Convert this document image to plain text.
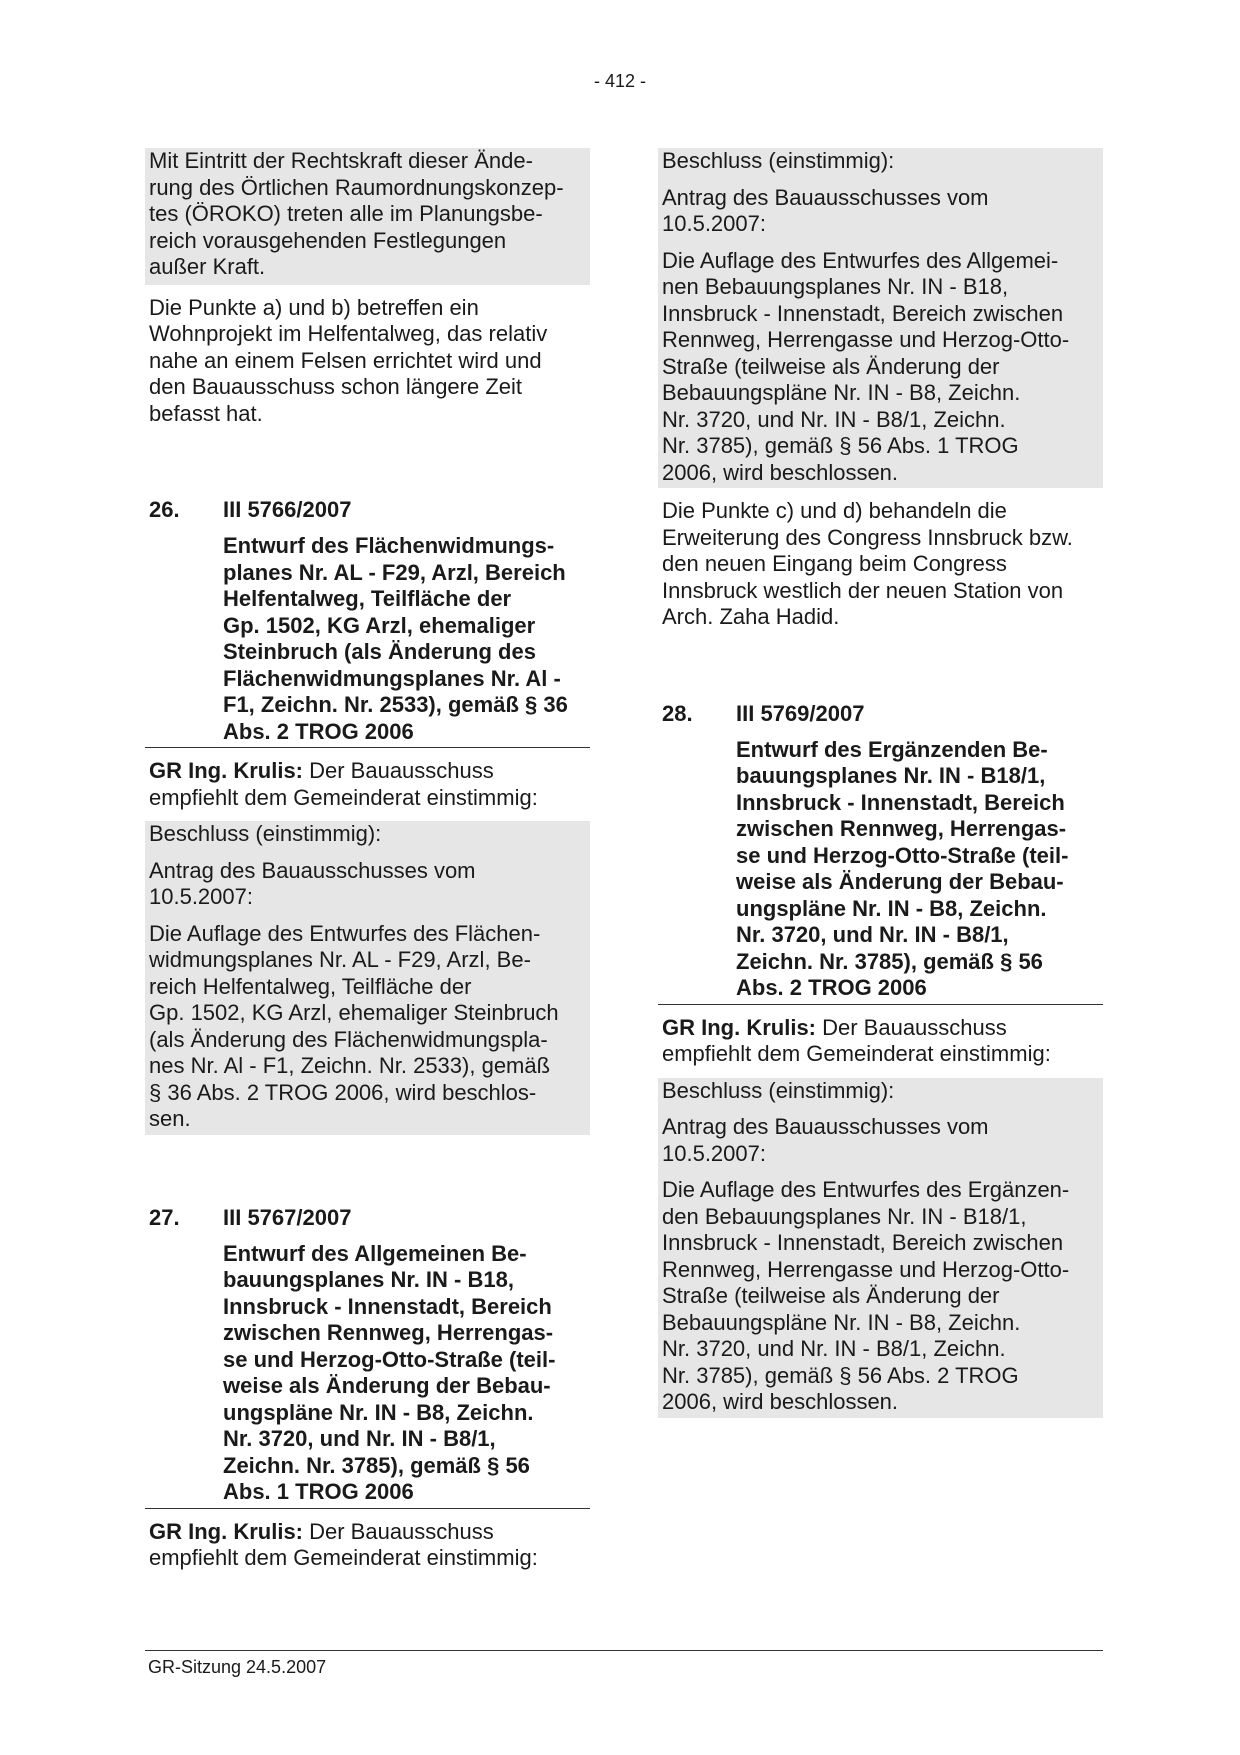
- 412 -
Mit Eintritt der Rechtskraft dieser Ände-
rung des Örtlichen Raumordnungskonzep-
tes (ÖROKO) treten alle im Planungsbe-
reich vorausgehenden Festlegungen
außer Kraft.
Die Punkte a) und b) betreffen ein
Wohnprojekt im Helfentalweg, das relativ
nahe an einem Felsen errichtet wird und
den Bauausschuss schon längere Zeit
befasst hat.
26. III 5766/2007
Entwurf des Flächenwidmungs-
planes Nr. AL - F29, Arzl, Bereich
Helfentalweg, Teilfläche der
Gp. 1502, KG Arzl, ehemaliger
Steinbruch (als Änderung des
Flächenwidmungsplanes Nr. Al -
F1, Zeichn. Nr. 2533), gemäß § 36
Abs. 2 TROG 2006
GR Ing. Krulis: Der Bauausschuss
empfiehlt dem Gemeinderat einstimmig:
Beschluss (einstimmig):
Antrag des Bauausschusses vom
10.5.2007:
Die Auflage des Entwurfes des Flächen-
widmungsplanes Nr. AL - F29, Arzl, Be-
reich Helfentalweg, Teilfläche der
Gp. 1502, KG Arzl, ehemaliger Steinbruch
(als Änderung des Flächenwidmungspla-
nes Nr. Al - F1, Zeichn. Nr. 2533), gemäß
§ 36 Abs. 2 TROG 2006, wird beschlos-
sen.
27. III 5767/2007
Entwurf des Allgemeinen Be-
bauungsplanes Nr. IN - B18,
Innsbruck - Innenstadt, Bereich
zwischen Rennweg, Herrengas-
se und Herzog-Otto-Straße (teil-
weise als Änderung der Bebau-
ungspläne Nr. IN - B8, Zeichn.
Nr. 3720, und Nr. IN - B8/1,
Zeichn. Nr. 3785), gemäß § 56
Abs. 1 TROG 2006
GR Ing. Krulis: Der Bauausschuss
empfiehlt dem Gemeinderat einstimmig:
Beschluss (einstimmig):
Antrag des Bauausschusses vom
10.5.2007:
Die Auflage des Entwurfes des Allgemei-
nen Bebauungsplanes Nr. IN - B18,
Innsbruck - Innenstadt, Bereich zwischen
Rennweg, Herrengasse und Herzog-Otto-
Straße (teilweise als Änderung der
Bebauungspläne Nr. IN - B8, Zeichn.
Nr. 3720, und Nr. IN - B8/1, Zeichn.
Nr. 3785), gemäß § 56 Abs. 1 TROG
2006, wird beschlossen.
Die Punkte c) und d) behandeln die
Erweiterung des Congress Innsbruck bzw.
den neuen Eingang beim Congress
Innsbruck westlich der neuen Station von
Arch. Zaha Hadid.
28. III 5769/2007
Entwurf des Ergänzenden Be-
bauungsplanes Nr. IN - B18/1,
Innsbruck - Innenstadt, Bereich
zwischen Rennweg, Herrengas-
se und Herzog-Otto-Straße (teil-
weise als Änderung der Bebau-
ungspläne Nr. IN - B8, Zeichn.
Nr. 3720, und Nr. IN - B8/1,
Zeichn. Nr. 3785), gemäß § 56
Abs. 2 TROG 2006
GR Ing. Krulis: Der Bauausschuss
empfiehlt dem Gemeinderat einstimmig:
Beschluss (einstimmig):
Antrag des Bauausschusses vom
10.5.2007:
Die Auflage des Entwurfes des Ergänzen-
den Bebauungsplanes Nr. IN - B18/1,
Innsbruck - Innenstadt, Bereich zwischen
Rennweg, Herrengasse und Herzog-Otto-
Straße (teilweise als Änderung der
Bebauungspläne Nr. IN - B8, Zeichn.
Nr. 3720, und Nr. IN - B8/1, Zeichn.
Nr. 3785), gemäß § 56 Abs. 2 TROG
2006, wird beschlossen.
GR-Sitzung 24.5.2007
